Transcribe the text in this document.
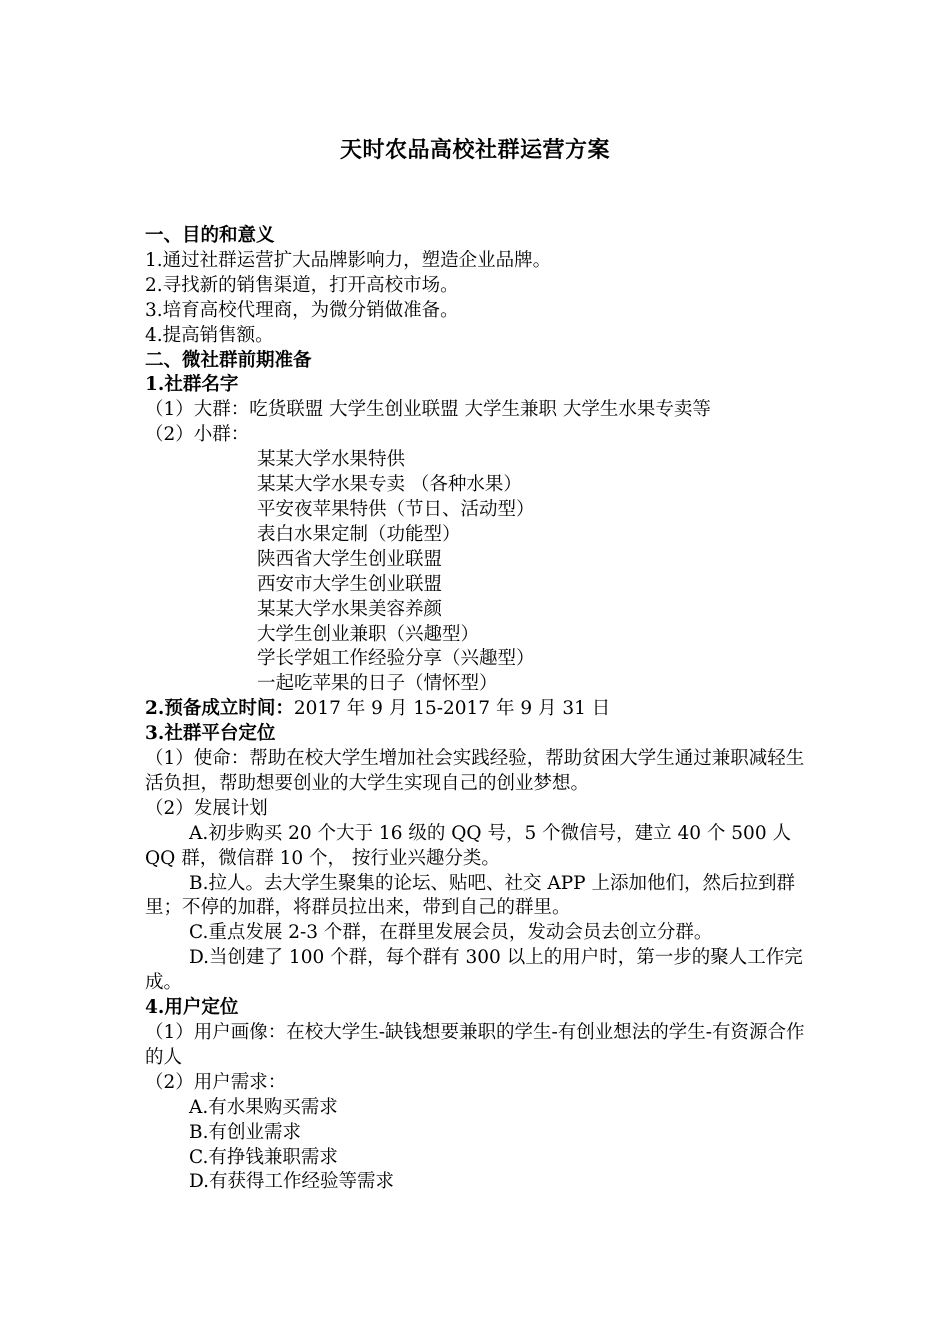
天时农品高校社群运营方案
一、目的和意义
1.通过社群运营扩大品牌影响力，塑造企业品牌。
2.寻找新的销售渠道，打开高校市场。
3.培育高校代理商，为微分销做准备。
4.提高销售额。
二、微社群前期准备
1.社群名字
（1）大群：吃货联盟 大学生创业联盟 大学生兼职 大学生水果专卖等
（2）小群：
某某大学水果特供
某某大学水果专卖 （各种水果）
平安夜苹果特供（节日、活动型）
表白水果定制（功能型）
陕西省大学生创业联盟
西安市大学生创业联盟
某某大学水果美容养颜
大学生创业兼职（兴趣型）
学长学姐工作经验分享（兴趣型）
一起吃苹果的日子（情怀型）
2.预备成立时间：2017 年 9 月 15-2017 年 9 月 31 日
3.社群平台定位
（1）使命：帮助在校大学生增加社会实践经验，帮助贫困大学生通过兼职减轻生活负担，帮助想要创业的大学生实现自己的创业梦想。
（2）发展计划
A.初步购买 20 个大于 16 级的 QQ 号，5 个微信号，建立 40 个 500 人 QQ 群，微信群 10 个， 按行业兴趣分类。
B.拉人。去大学生聚集的论坛、贴吧、社交 APP 上添加他们，然后拉到群里；不停的加群，将群员拉出来，带到自己的群里。
C.重点发展 2-3 个群，在群里发展会员，发动会员去创立分群。
D.当创建了 100 个群，每个群有 300 以上的用户时，第一步的聚人工作完成。
4.用户定位
（1）用户画像：在校大学生-缺钱想要兼职的学生-有创业想法的学生-有资源合作的人
（2）用户需求：
A.有水果购买需求
B.有创业需求
C.有挣钱兼职需求
D.有获得工作经验等需求
